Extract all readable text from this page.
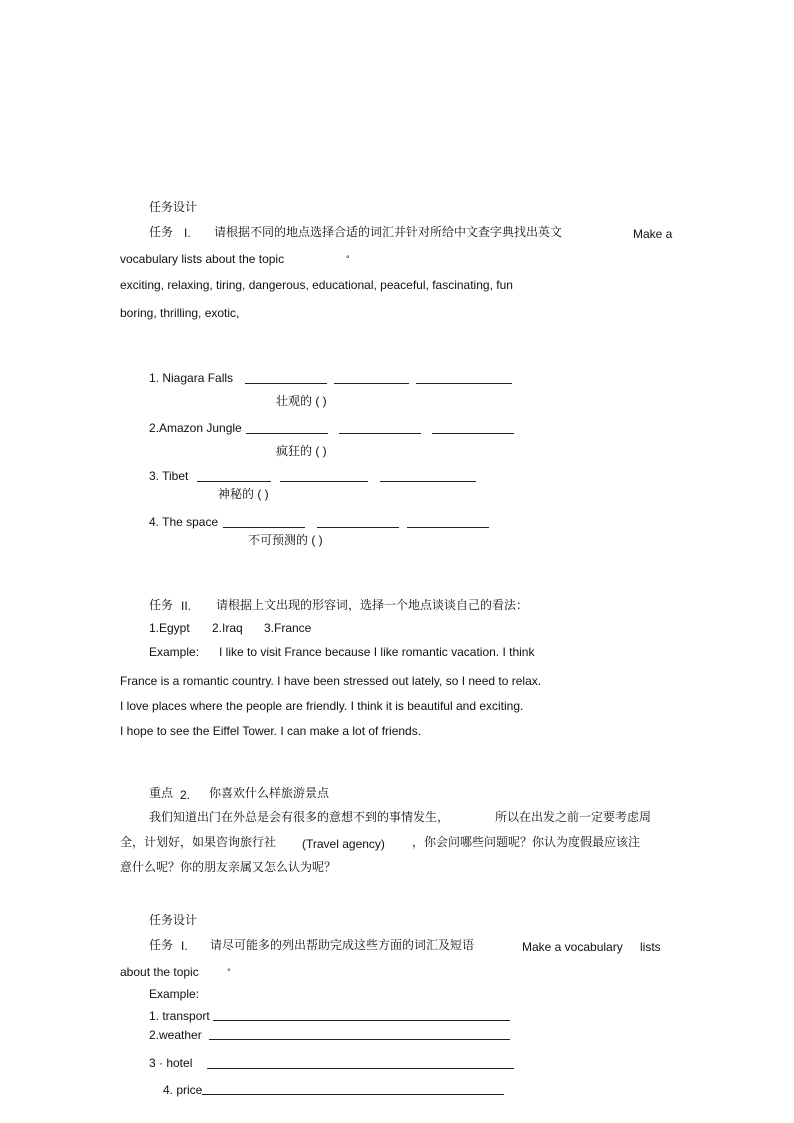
任务设计
任务 I. 请根据不同的地点选择合适的词汇并针对所给中文查字典找出英文	Make a
vocabulary lists about the topic	°
exciting, relaxing, tiring, dangerous, educational, peaceful, fascinating, fun
boring, thrilling, exotic,
1. Niagara Falls
壮观的 ( )
2.Amazon Jungle
疯狂的 ( )
3. Tibet
神秘的 ( )
4. The space
不可预测的 ( )
任务 II. 请根据上文出现的形容词，选择一个地点谈谈自己的看法：
1.Egypt 2.Iraq 3.France
Example: I like to visit France because I like romantic vacation. I think
France is a romantic country. I have been stressed out lately, so I need to relax.
I love places where the people are friendly. I think it is beautiful and exciting.
I hope to see the Eiffel Tower. I can make a lot of friends.
重点 2. 你喜欢什么样旅游景点
我们知道出门在外总是会有很多的意想不到的事情发生，	所以在出发之前一定要考虑周
全，计划好，如果咨询旅行社 (Travel agency) ，你会问哪些问题呢？你认为度假最应该注
意什么呢？你的朋友亲属又怎么认为呢？
任务设计
任务 I. 请尽可能多的列出帮助完成这些方面的词汇及短语	Make a vocabulary lists
about the topic	°
Example:
1. transport
2.weather
3 · hotel
4. price
